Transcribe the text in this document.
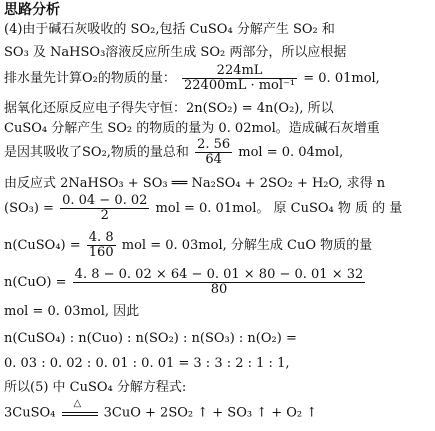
思路分析
(4)由于碱石灰吸收的 SO₂,包括 CuSO₄ 分解产生 SO₂ 和
SO₃ 及 NaHSO₃溶液反应所生成 SO₂ 两部分，所以应根据
排水量先计算O₂的物质的量： $\frac{224mL}{\text{22400mL · mol⁻¹}} = 0$. 01mol,
据氧化还原反应电子得失守恒：2n(SO₂) = 4n(O₂), 所以
CuSO₄ 分解产生 SO₂ 的物质的量为 0. 02mol。造成碱石灰增重
是因其吸收了SO₂,物质的量总和 $\frac{2. 56}{64}$ mol = 0. 04mol,
由反应式 2NaHSO₃ + SO₃ ══ Na₂SO₄ + 2SO₂ + H₂O, 求得 n
$(SO_3) = \frac{0. 04 - 0. 02}{2}$ mol = 0. 01mol。 原 CuSO₄ 物 质 的 量
n(CuSO₄) = $\frac{4. 8}{160}$ mol = 0. 03mol, 分解生成 CuO 物质的量
$n(CuO) = \frac{4. 8 - 0. 02 \times 64 - 0. 01 \times 80 - 0. 01 \times 32}{80}$
mol = 0. 03mol, 因此
n(CuSO₄) : n(Cuo) : n(SO₂) : n(SO₃) : n(O₂) =
0. 03 : 0. 02 : 0. 01 : 0. 01 = 3 : 3 : 2 : 1 : 1,
所以(5) 中 CuSO₄ 分解方程式:
3CuSO₄
△
3CuO + 2SO₂ ↑ + SO₃ ↑ + O₂ ↑
